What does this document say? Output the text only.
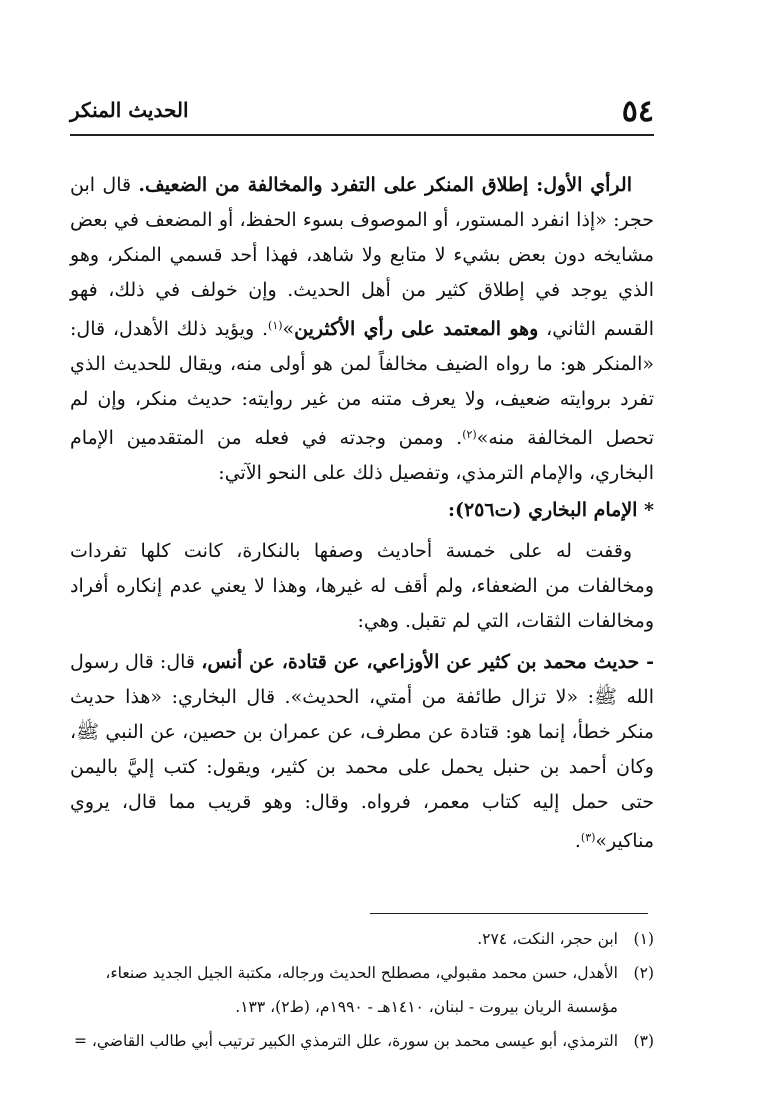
٥٤
الحديث المنكر

الرأي الأول: إطلاق المنكر على التفرد والمخالفة من الضعيف. قال ابن حجر: «إذا انفرد المستور، أو الموصوف بسوء الحفظ، أو المضعف في بعض مشايخه دون بعض بشيء لا متابع ولا شاهد، فهذا أحد قسمي المنكر، وهو الذي يوجد في إطلاق كثير من أهل الحديث. وإن خولف في ذلك، فهو القسم الثاني، وهو المعتمد على رأي الأكثرين»$^{(١)}$. ويؤيد ذلك الأهدل، قال: «المنكر هو: ما رواه الضيف مخالفاً لمن هو أولى منه، ويقال للحديث الذي تفرد بروايته ضعيف، ولا يعرف متنه من غير روايته: حديث منكر، وإن لم تحصل المخالفة منه»$^{(٢)}$. وممن وجدته في فعله من المتقدمين الإمام البخاري، والإمام الترمذي، وتفصيل ذلك على النحو الآتي:

* الإمام البخاري (ت٢٥٦):

وقفت له على خمسة أحاديث وصفها بالنكارة، كانت كلها تفردات ومخالفات من الضعفاء، ولم أقف له غيرها، وهذا لا يعني عدم إنكاره أفراد ومخالفات الثقات، التي لم تقبل. وهي:

- حديث محمد بن كثير عن الأوزاعي، عن قتادة، عن أنس، قال: قال رسول الله ﷺ: «لا تزال طائفة من أمتي، الحديث». قال البخاري: «هذا حديث منكر خطأ، إنما هو: قتادة عن مطرف، عن عمران بن حصين، عن النبي ﷺ، وكان أحمد بن حنبل يحمل على محمد بن كثير، ويقول: كتب إليَّ باليمن حتى حمل إليه كتاب معمر، فرواه. وقال: وهو قريب مما قال، يروي مناكير»$^{(٣)}$.

(١)
ابن حجر، النكت، ٢٧٤.

(٢)
الأهدل، حسن محمد مقبولي، مصطلح الحديث ورجاله، مكتبة الجيل الجديد صنعاء، مؤسسة الريان بيروت - لبنان، ١٤١٠هـ - ١٩٩٠م، (ط٢)، ١٣٣.

(٣)
الترمذي، أبو عيسى محمد بن سورة، علل الترمذي الكبير ترتيب أبي طالب القاضي، =
